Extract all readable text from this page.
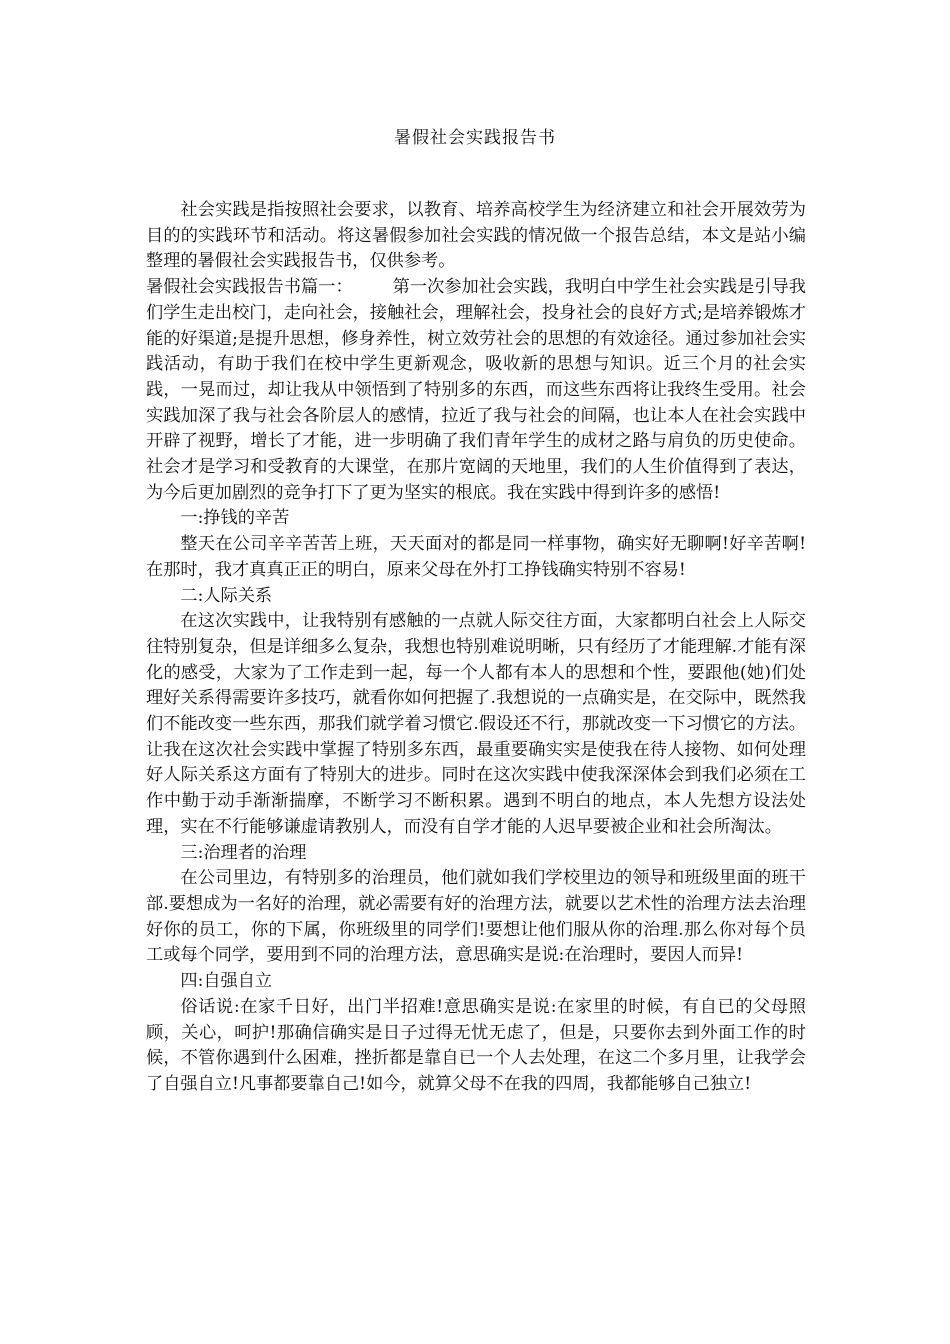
暑假社会实践报告书

社会实践是指按照社会要求，以教育、培养高校学生为经济建立和社会开展效劳为目的的实践环节和活动。将这暑假参加社会实践的情况做一个报告总结，本文是站小编整理的暑假社会实践报告书，仅供参考。

暑假社会实践报告书篇一： 第一次参加社会实践，我明白中学生社会实践是引导我们学生走出校门，走向社会，接触社会，理解社会，投身社会的良好方式;是培养锻炼才能的好渠道;是提升思想，修身养性，树立效劳社会的思想的有效途径。通过参加社会实践活动，有助于我们在校中学生更新观念，吸收新的思想与知识。近三个月的社会实践，一晃而过，却让我从中领悟到了特别多的东西，而这些东西将让我终生受用。社会实践加深了我与社会各阶层人的感情，拉近了我与社会的间隔，也让本人在社会实践中开辟了视野，增长了才能，进一步明确了我们青年学生的成材之路与肩负的历史使命。社会才是学习和受教育的大课堂，在那片宽阔的天地里，我们的人生价值得到了表达，为今后更加剧烈的竞争打下了更为坚实的根底。我在实践中得到许多的感悟!

一:挣钱的辛苦

整天在公司辛辛苦苦上班，天天面对的都是同一样事物，确实好无聊啊!好辛苦啊!在那时，我才真真正正的明白，原来父母在外打工挣钱确实特别不容易!

二:人际关系

在这次实践中，让我特别有感触的一点就人际交往方面，大家都明白社会上人际交往特别复杂，但是详细多么复杂，我想也特别难说明晰，只有经历了才能理解.才能有深化的感受，大家为了工作走到一起，每一个人都有本人的思想和个性，要跟他(她)们处理好关系得需要许多技巧，就看你如何把握了.我想说的一点确实是，在交际中，既然我们不能改变一些东西，那我们就学着习惯它.假设还不行，那就改变一下习惯它的方法。让我在这次社会实践中掌握了特别多东西，最重要确实实是使我在待人接物、如何处理好人际关系这方面有了特别大的进步。同时在这次实践中使我深深体会到我们必须在工作中勤于动手渐渐揣摩，不断学习不断积累。遇到不明白的地点，本人先想方设法处理，实在不行能够谦虚请教别人，而没有自学才能的人迟早要被企业和社会所淘汰。

三:治理者的治理

在公司里边，有特别多的治理员，他们就如我们学校里边的领导和班级里面的班干部.要想成为一名好的治理，就必需要有好的治理方法，就要以艺术性的治理方法去治理好你的员工，你的下属，你班级里的同学们!要想让他们服从你的治理.那么你对每个员工或每个同学，要用到不同的治理方法，意思确实是说:在治理时，要因人而异!

四:自强自立

俗话说:在家千日好，出门半招难!意思确实是说:在家里的时候，有自已的父母照顾，关心，呵护!那确信确实是日子过得无忧无虑了，但是，只要你去到外面工作的时候，不管你遇到什么困难，挫折都是靠自已一个人去处理，在这二个多月里，让我学会了自强自立!凡事都要靠自己!如今，就算父母不在我的四周，我都能够自己独立!
